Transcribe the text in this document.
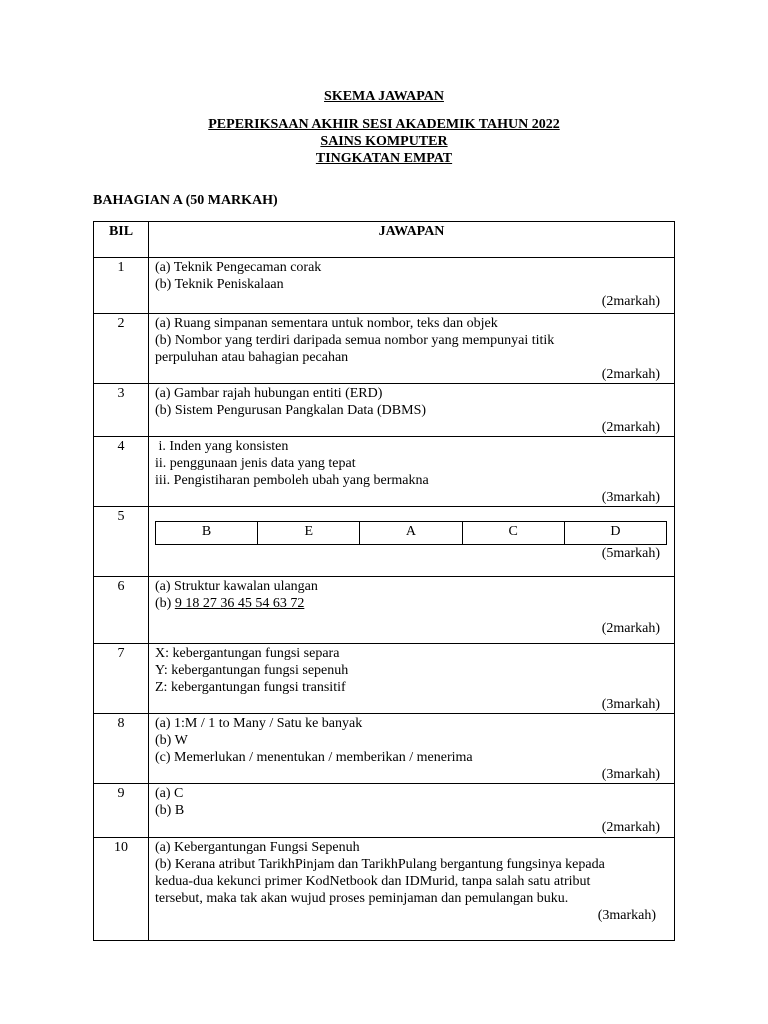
SKEMA JAWAPAN
PEPERIKSAAN AKHIR SESI AKADEMIK TAHUN 2022
SAINS KOMPUTER
TINGKATAN EMPAT
BAHAGIAN A (50 MARKAH)
BIL	JAWAPAN
1	(a) Teknik Pengecaman corak
(b) Teknik Peniskalaan
(2markah)

2	(a) Ruang simpanan sementara untuk nombor, teks dan objek
(b) Nombor yang terdiri daripada semua nombor yang mempunyai titik
perpuluhan atau bahagian pecahan
(2markah)

3	(a) Gambar rajah hubungan entiti (ERD)
(b) Sistem Pengurusan Pangkalan Data (DBMS)
(2markah)

4	i. Inden yang konsisten
ii. penggunaan jenis data yang tepat
iii. Pengistiharan pemboleh ubah yang bermakna
(3markah)

5	
B	E	A	C	D
(5markah)

6	(a) Struktur kawalan ulangan
(b) 9 18 27 36 45 54 63 72
(2markah)

7	X: kebergantungan fungsi separa
Y: kebergantungan fungsi sepenuh
Z: kebergantungan fungsi transitif
(3markah)

8	(a) 1:M / 1 to Many / Satu ke banyak
(b) W
(c) Memerlukan / menentukan / memberikan / menerima
(3markah)

9	(a) C
(b) B
(2markah)

10	(a) Kebergantungan Fungsi Sepenuh
(b) Kerana atribut TarikhPinjam dan TarikhPulang bergantung fungsinya kepada
kedua-dua kekunci primer KodNetbook dan IDMurid, tanpa salah satu atribut
tersebut, maka tak akan wujud proses peminjaman dan pemulangan buku.
(3markah)
